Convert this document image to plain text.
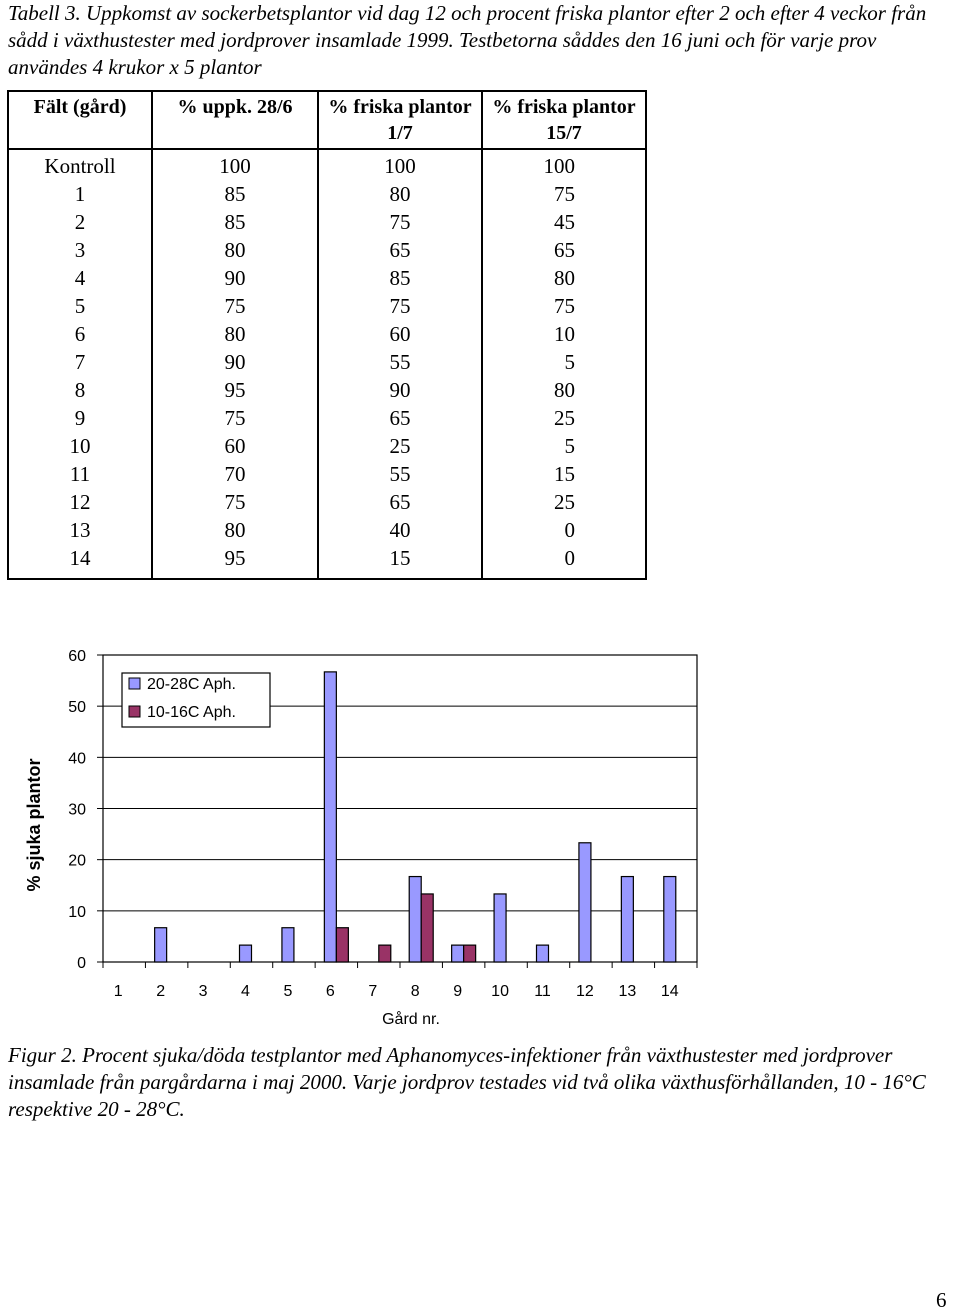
Tabell 3. Uppkomst av sockerbetsplantor vid dag 12 och procent friska plantor efter 2 och efter 4 veckor från sådd i växthustester med jordprover insamlade 1999. Testbetorna såddes den 16 juni och för varje prov användes 4 krukor x 5 plantor

Fält (gård)	% uppk. 28/6	% friska plantor 1/7	% friska plantor 15/7
Kontroll	100	100	100
1	85	80	75
2	85	75	45
3	80	65	65
4	90	85	80
5	75	75	75
6	80	60	10
7	90	55	5
8	95	90	80
9	75	65	25
10	60	25	5
11	70	55	15
12	75	65	25
13	80	40	0
14	95	15	0
0
10
20
30
40
50
60
1 2 3 4 5 6 7 8 9 10 11 12 13 14
20-28C Aph.
10-16C Aph.
Gård nr.
% sjuka plantor

Figur 2. Procent sjuka/döda testplantor med Aphanomyces-infektioner från växthustester med jordprover insamlade från pargårdarna i maj 2000. Varje jordprov testades vid två olika växthusförhållanden, 10 - 16°C respektive 20 - 28°C.

6
